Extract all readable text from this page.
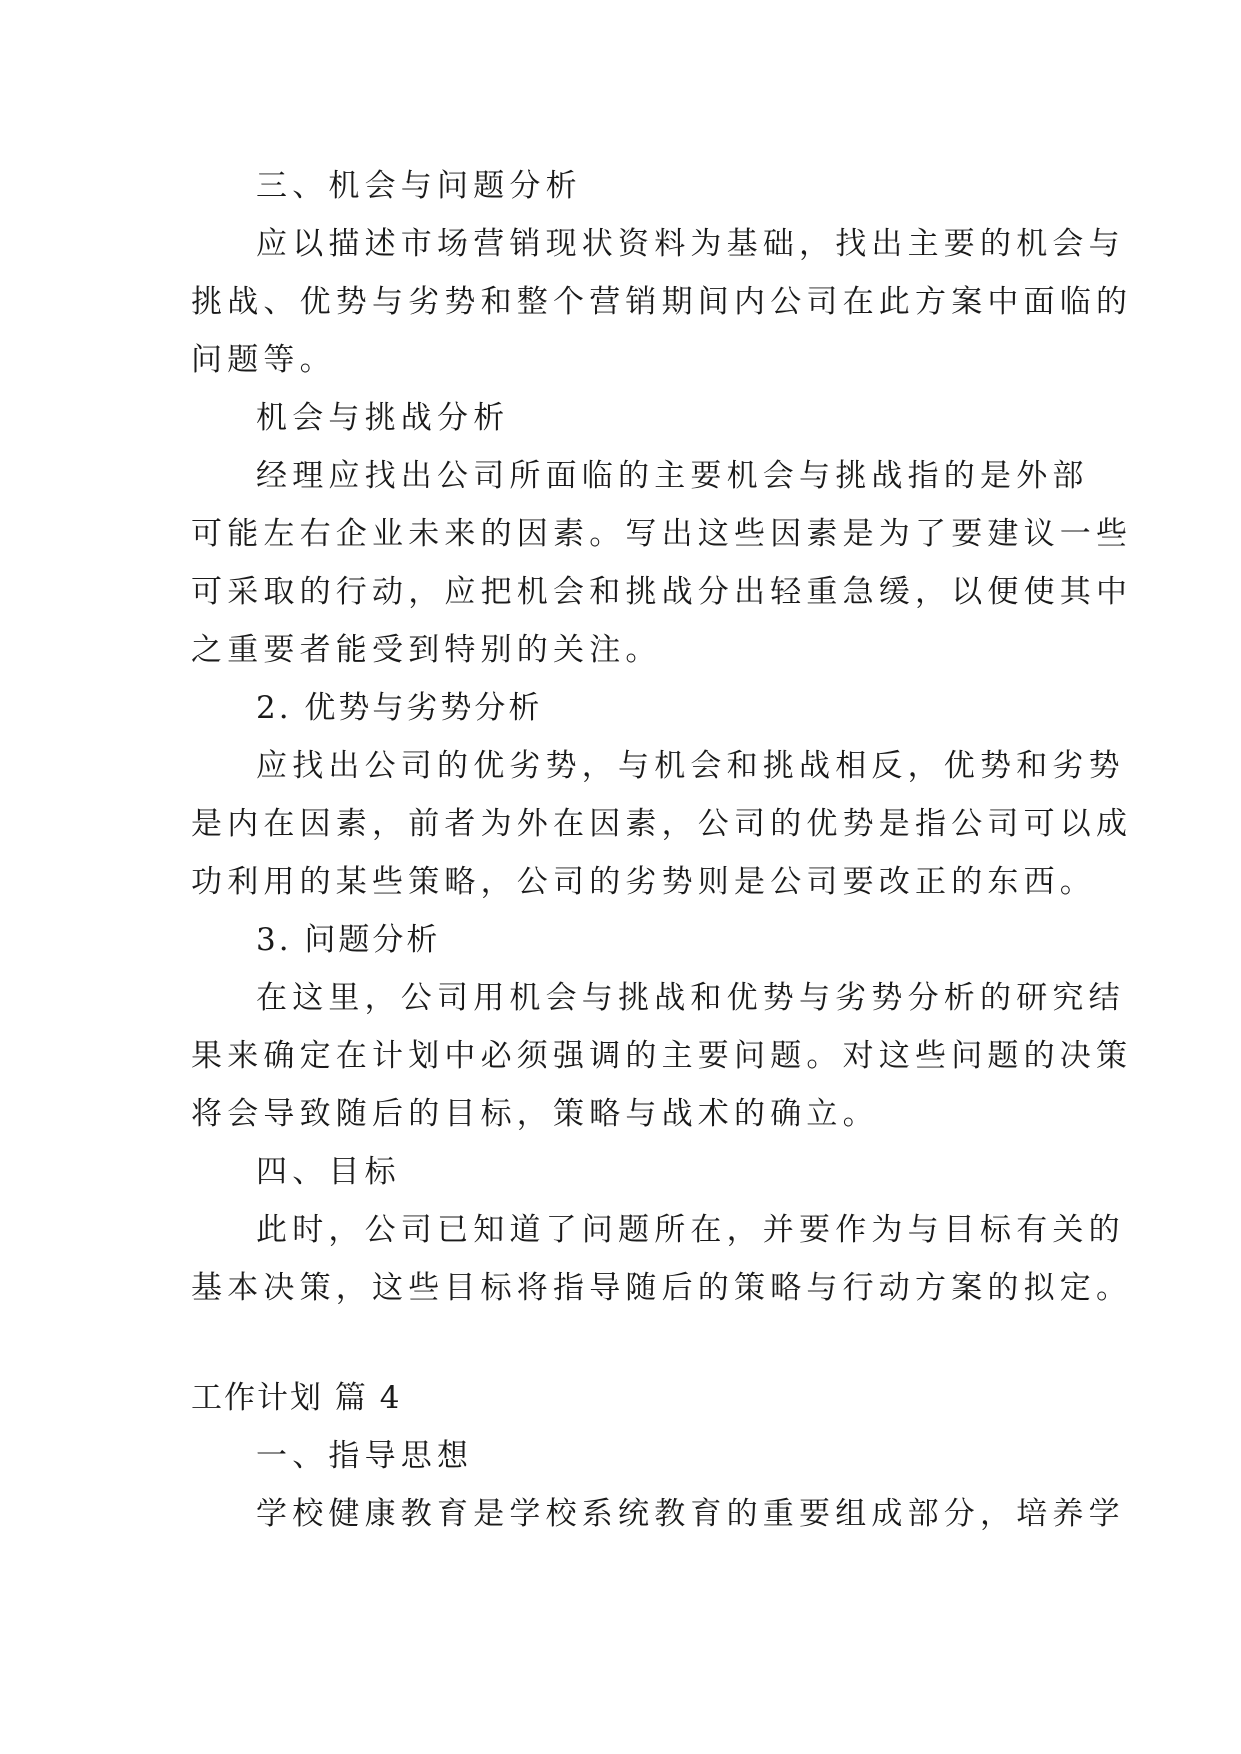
三、机会与问题分析

应以描述市场营销现状资料为基础，找出主要的机会与

挑战、优势与劣势和整个营销期间内公司在此方案中面临的

问题等。

机会与挑战分析

经理应找出公司所面临的主要机会与挑战指的是外部

可能左右企业未来的因素。写出这些因素是为了要建议一些

可采取的行动，应把机会和挑战分出轻重急缓，以便使其中

之重要者能受到特别的关注。

2. 优势与劣势分析

应找出公司的优劣势，与机会和挑战相反，优势和劣势

是内在因素，前者为外在因素，公司的优势是指公司可以成

功利用的某些策略，公司的劣势则是公司要改正的东西。

3. 问题分析

在这里，公司用机会与挑战和优势与劣势分析的研究结

果来确定在计划中必须强调的主要问题。对这些问题的决策

将会导致随后的目标，策略与战术的确立。

四、目标

此时，公司已知道了问题所在，并要作为与目标有关的

基本决策，这些目标将指导随后的策略与行动方案的拟定。

工作计划 篇 4

一、指导思想

学校健康教育是学校系统教育的重要组成部分，培养学
